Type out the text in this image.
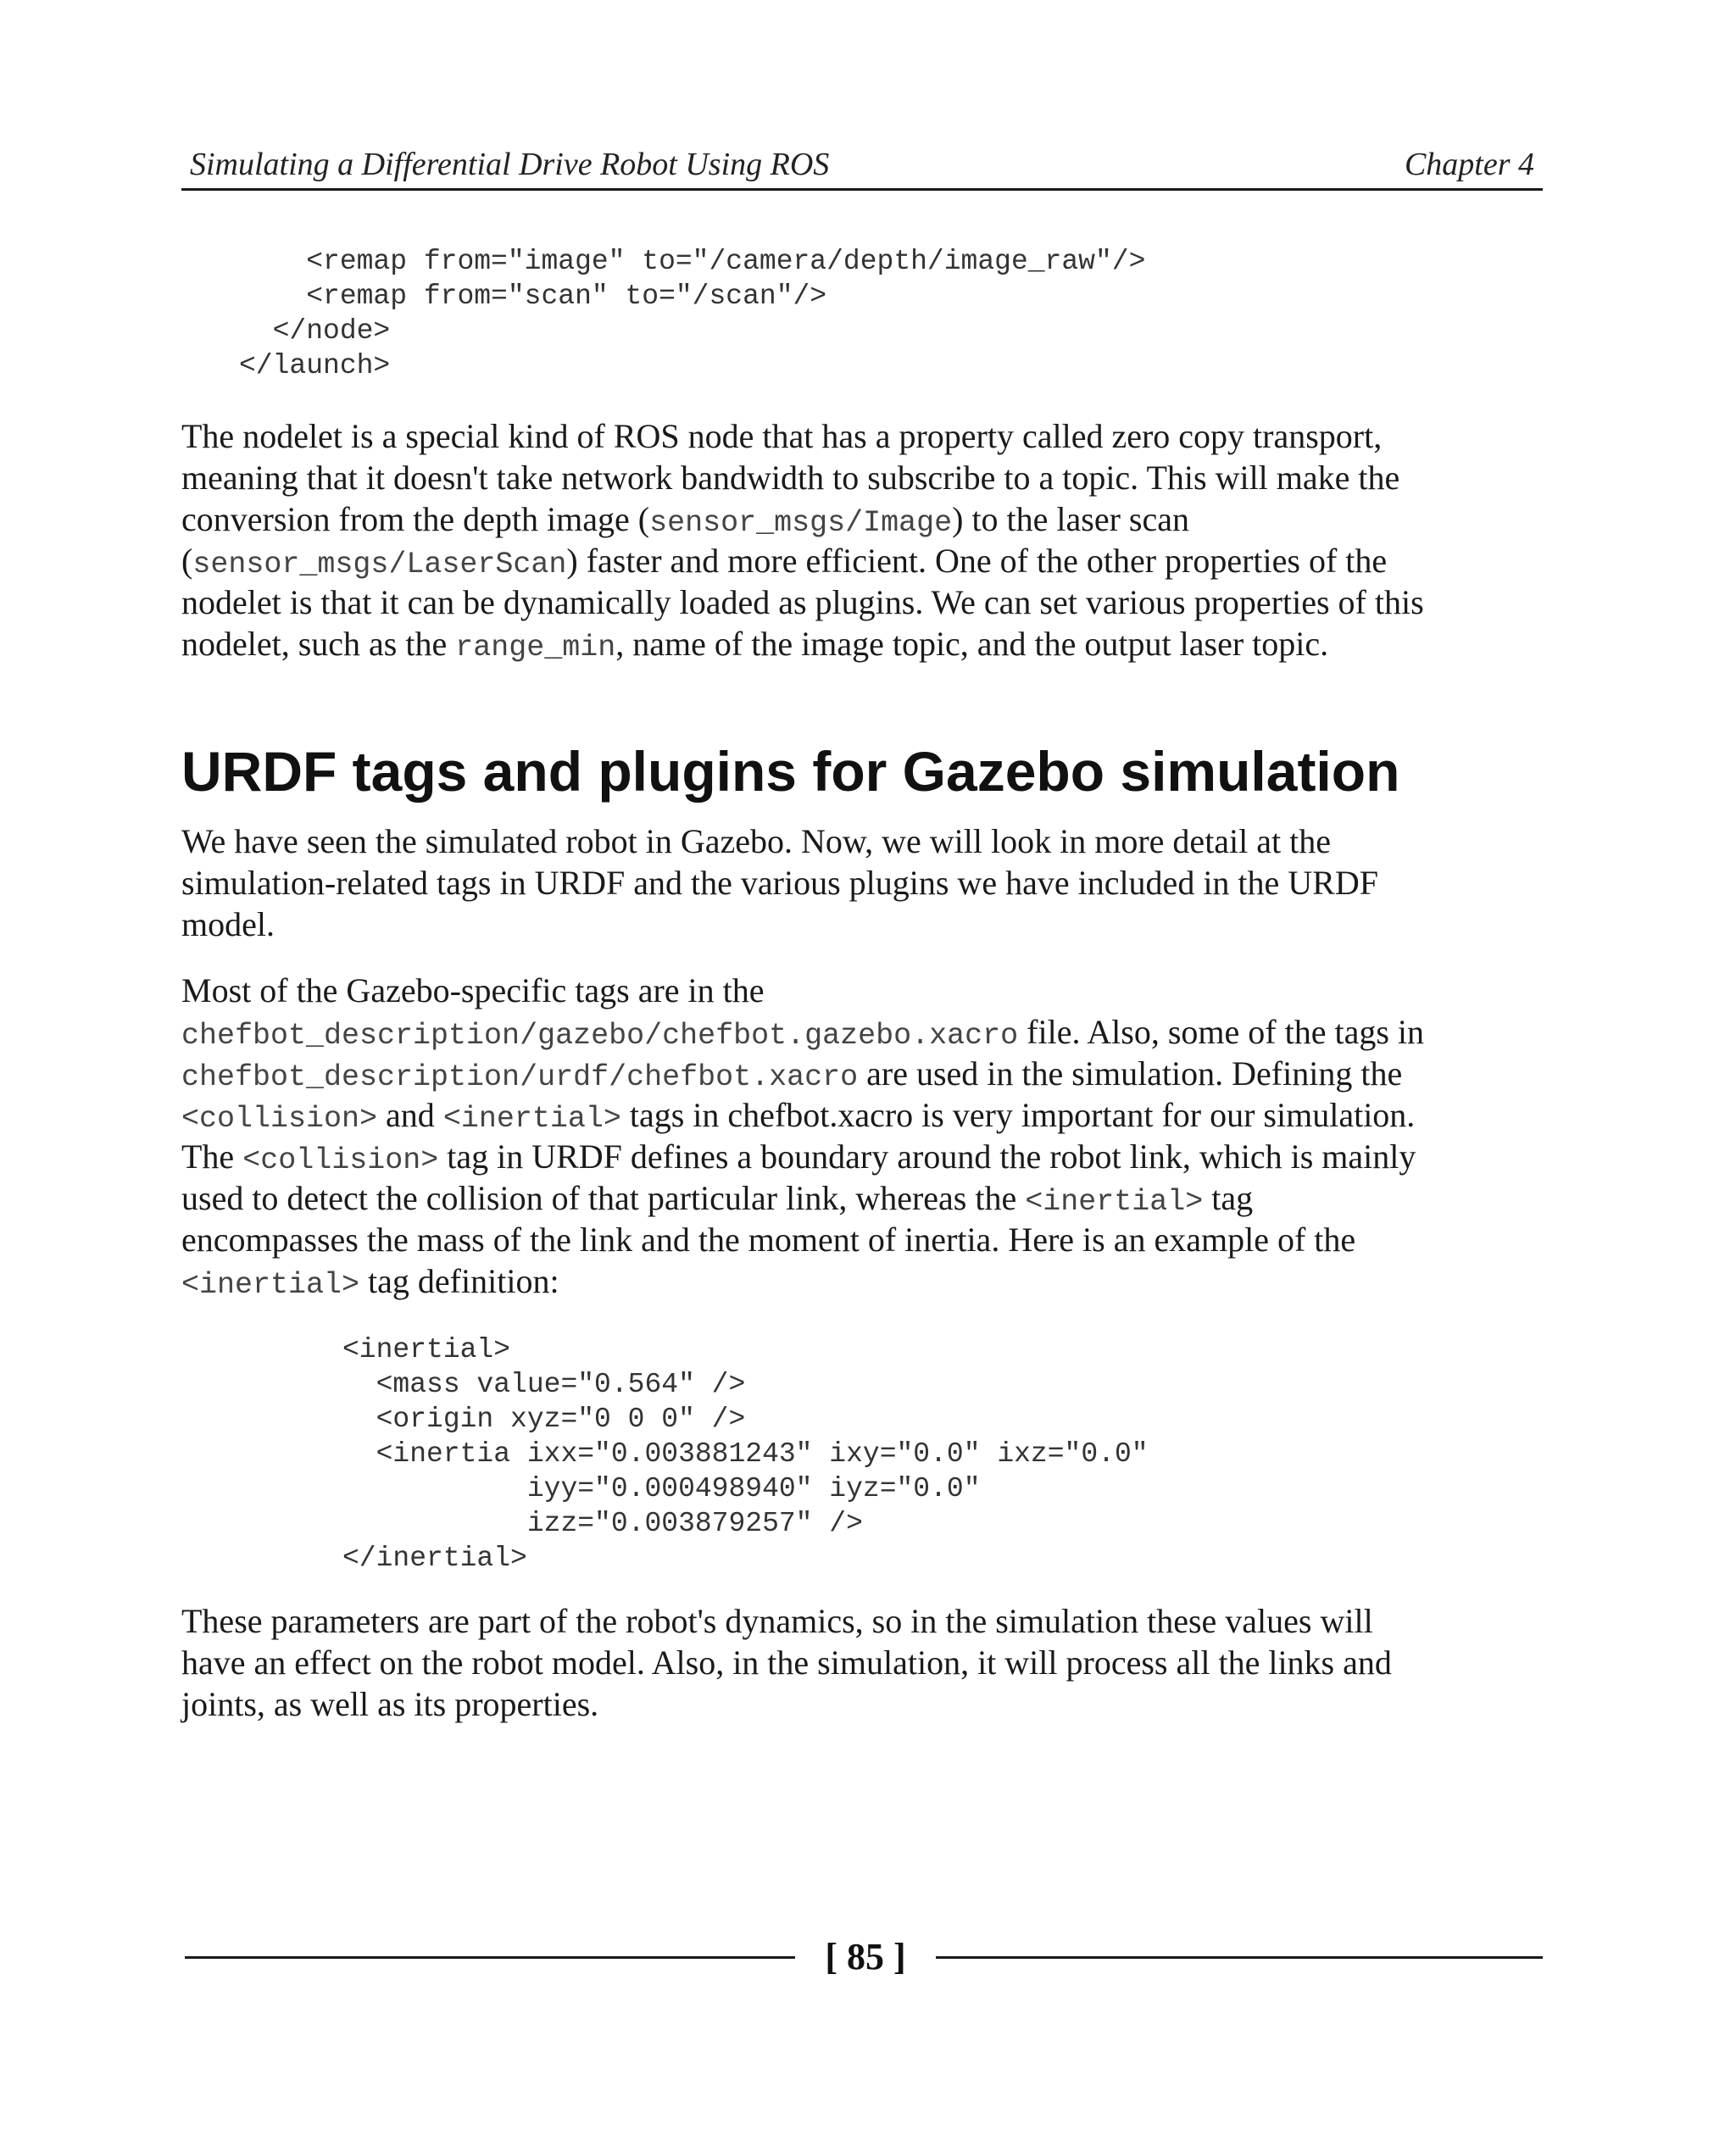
Simulating a Differential Drive Robot Using ROS	Chapter 4
<remap from="image" to="/camera/depth/image_raw"/>
<remap from="scan" to="/scan"/>
</node>
</launch>
The nodelet is a special kind of ROS node that has a property called zero copy transport,
meaning that it doesn't take network bandwidth to subscribe to a topic. This will make the
conversion from the depth image (sensor_msgs/Image) to the laser scan
(sensor_msgs/LaserScan) faster and more efficient. One of the other properties of the
nodelet is that it can be dynamically loaded as plugins. We can set various properties of this
nodelet, such as the range_min, name of the image topic, and the output laser topic.
URDF tags and plugins for Gazebo simulation
We have seen the simulated robot in Gazebo. Now, we will look in more detail at the
simulation-related tags in URDF and the various plugins we have included in the URDF
model.
Most of the Gazebo-specific tags are in the
chefbot_description/gazebo/chefbot.gazebo.xacro file. Also, some of the tags in
chefbot_description/urdf/chefbot.xacro are used in the simulation. Defining the
<collision> and <inertial> tags in chefbot.xacro is very important for our simulation.
The <collision> tag in URDF defines a boundary around the robot link, which is mainly
used to detect the collision of that particular link, whereas the <inertial> tag
encompasses the mass of the link and the moment of inertia. Here is an example of the
<inertial> tag definition:
<inertial>
<mass value="0.564" />
<origin xyz="0 0 0" />
<inertia ixx="0.003881243" ixy="0.0" ixz="0.0"
iyy="0.000498940" iyz="0.0"
izz="0.003879257" />
</inertial>
These parameters are part of the robot's dynamics, so in the simulation these values will
have an effect on the robot model. Also, in the simulation, it will process all the links and
joints, as well as its properties.
[ 85 ]
